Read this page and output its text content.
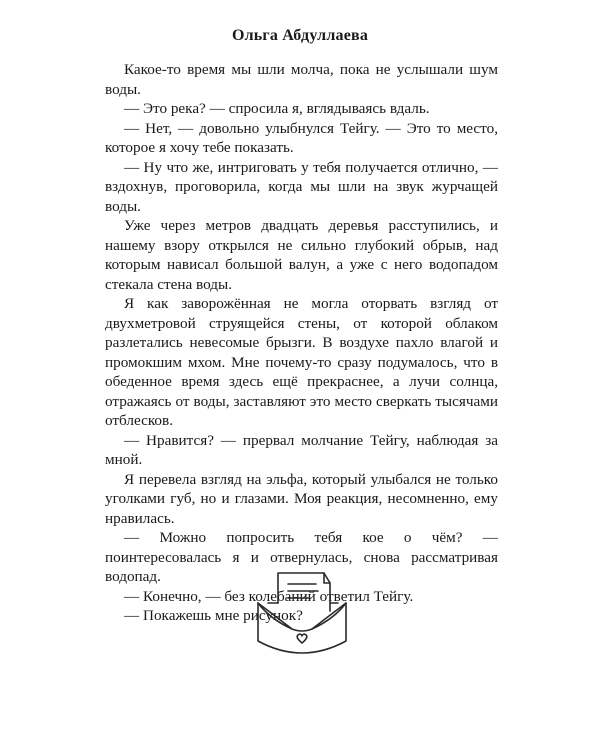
Ольга Абдуллаева

Какое-то время мы шли молча, пока не услышали шум воды.

— Это река? — спросила я, вглядываясь вдаль.

— Нет, — довольно улыбнулся Тейгу. — Это то место, которое я хочу тебе показать.

— Ну что же, интриговать у тебя получается отлично, — вздохнув, проговорила, когда мы шли на звук журчащей воды.

Уже через метров двадцать деревья расступились, и нашему взору открылся не сильно глубокий обрыв, над которым нависал большой валун, а уже с него водопадом стекала стена воды.

Я как заворожённая не могла оторвать взгляд от двухметровой струящейся стены, от которой облаком разлетались невесомые брызги. В воздухе пахло влагой и промокшим мхом. Мне почему-то сразу подумалось, что в обеденное время здесь ещё прекраснее, а лучи солнца, отражаясь от воды, заставляют это место сверкать тысячами отблесков.

— Нравится? — прервал молчание Тейгу, наблюдая за мной.

Я перевела взгляд на эльфа, который улыбался не только уголками губ, но и глазами. Моя реакция, несомненно, ему нравилась.

— Можно попросить тебя кое о чём? — поинтересовалась я и отвернулась, снова рассматривая водопад.

— Конечно, — без колебаний ответил Тейгу.

— Покажешь мне рисунок?
